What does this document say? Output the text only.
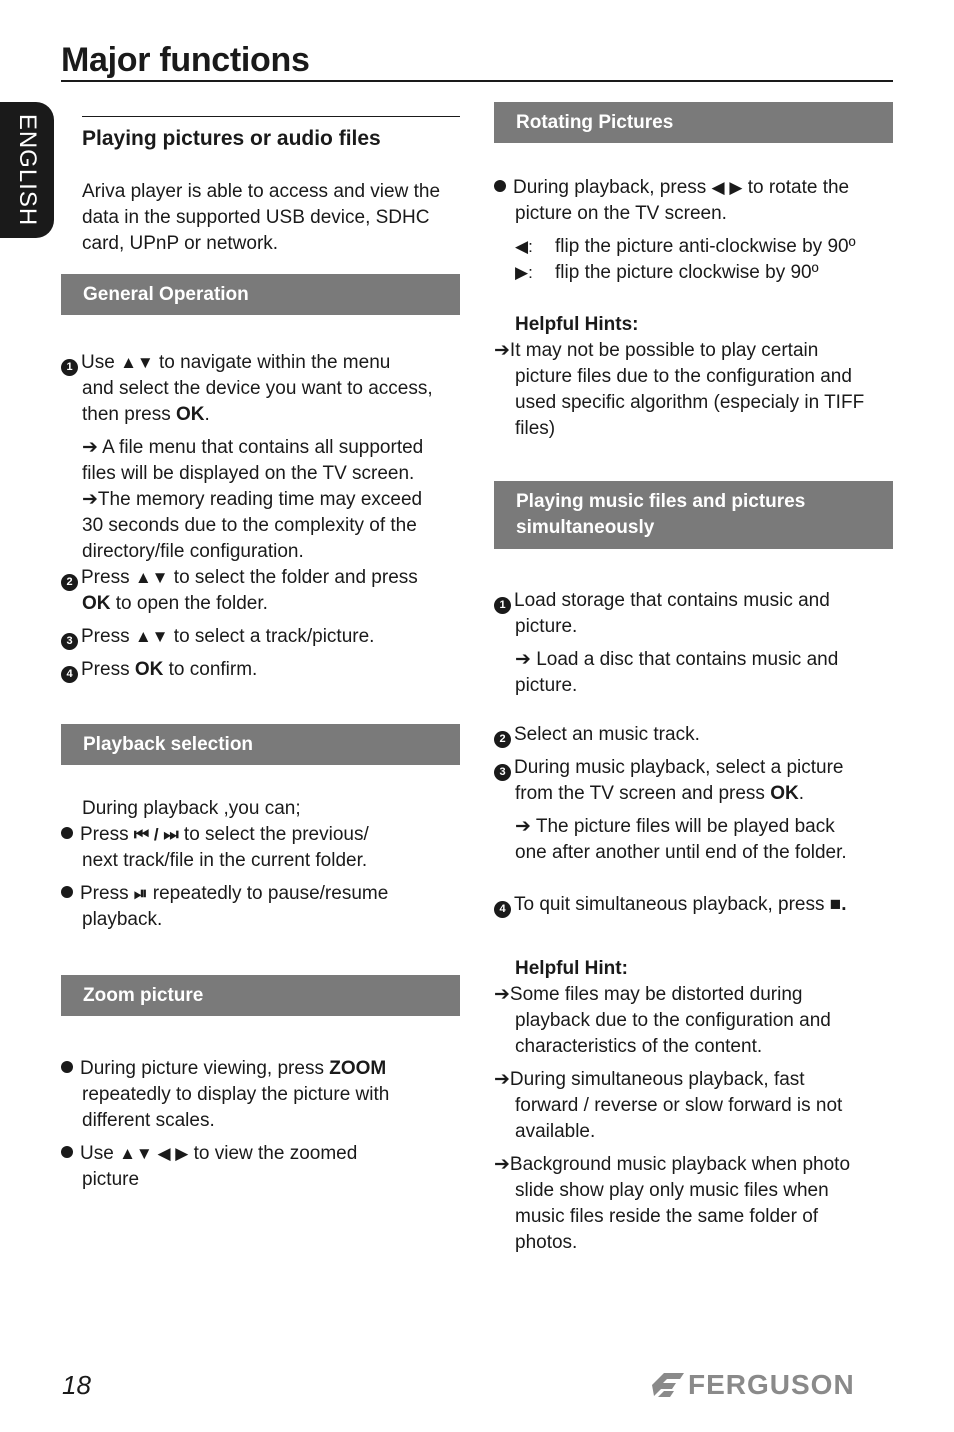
Major functions
ENGLISH Playing pictures or audio files
Ariva player is able to access and view the
data in the supported USB device, SDHC
card, UPnP or network.
General Operation
1 Use ▲▼ to navigate within the menu
and select the device you want to access,
then press OK.
➔ A file menu that contains all supported
files will be displayed on the TV screen.
➔The memory reading time may exceed
30 seconds due to the complexity of the
directory/file configuration.
2 Press ▲▼ to select the folder and press
OK to open the folder.
3 Press ▲▼ to select a track/picture.
4 Press OK to confirm.
Playback selection
During playback ,you can;
Press ⏮ / ⏭ to select the previous/
next track/file in the current folder.
Press ⏯ repeatedly to pause/resume
playback.
Zoom picture
During picture viewing, press ZOOM
repeatedly to display the picture with
different scales.
Use ▲▼ ◀ ▶ to view the zoomed
picture
Rotating Pictures
During playback, press ◀ ▶ to rotate the
picture on the TV screen.
◀: flip the picture anti-clockwise by 90º
▶: flip the picture clockwise by 90º
Helpful Hints:
➔It may not be possible to play certain
picture files due to the configuration and
used specific algorithm (especialy in TIFF
files)
Playing music files and pictures
simultaneously
1 Load storage that contains music and
picture.
➔ Load a disc that contains music and
picture.
2 Select an music track.
3 During music playback, select a picture
from the TV screen and press OK.
➔ The picture files will be played back
one after another until end of the folder.
4 To quit simultaneous playback, press ■.
Helpful Hint:
➔Some files may be distorted during
playback due to the configuration and
characteristics of the content.
➔During simultaneous playback, fast
forward / reverse or slow forward is not
available.
➔Background music playback when photo
slide show play only music files when
music files reside the same folder of
photos.
18	FERGUSON
